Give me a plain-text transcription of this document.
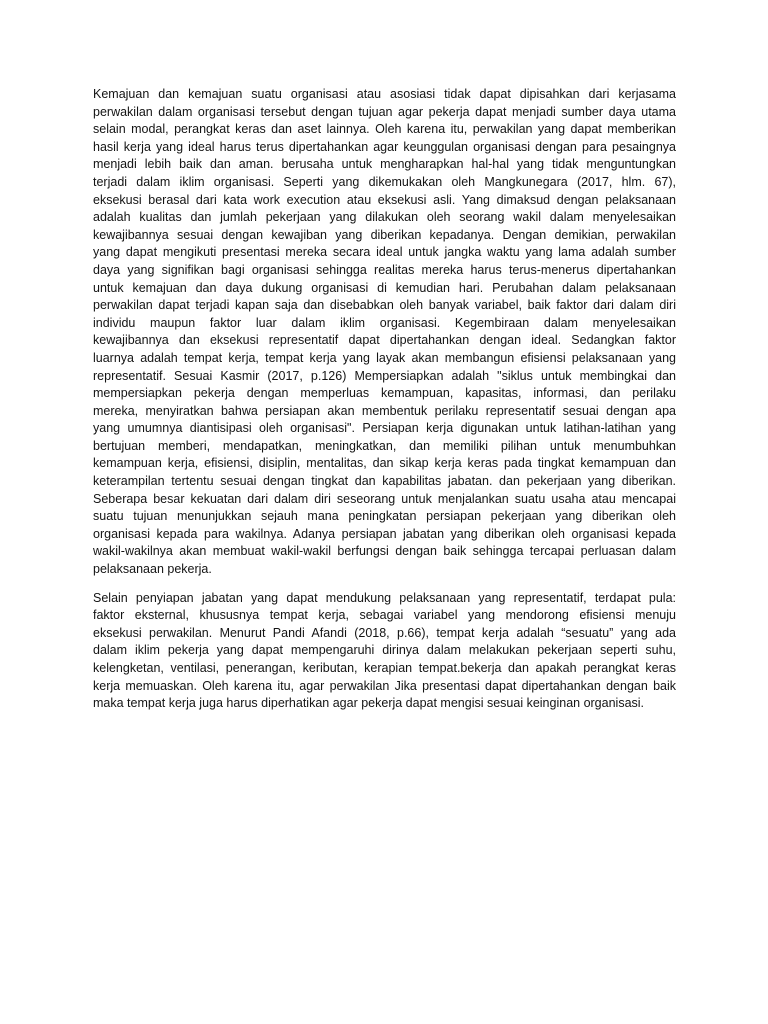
Kemajuan dan kemajuan suatu organisasi atau asosiasi tidak dapat dipisahkan dari kerjasama
perwakilan dalam organisasi tersebut dengan tujuan agar pekerja dapat menjadi sumber daya utama
selain modal, perangkat keras dan aset lainnya. Oleh karena itu, perwakilan yang dapat memberikan
hasil kerja yang ideal harus terus dipertahankan agar keunggulan organisasi dengan para pesaingnya
menjadi lebih baik dan aman. berusaha untuk mengharapkan hal-hal yang tidak menguntungkan
terjadi dalam iklim organisasi. Seperti yang dikemukakan oleh Mangkunegara (2017, hlm. 67),
eksekusi berasal dari kata work execution atau eksekusi asli. Yang dimaksud dengan pelaksanaan
adalah kualitas dan jumlah pekerjaan yang dilakukan oleh seorang wakil dalam menyelesaikan
kewajibannya sesuai dengan kewajiban yang diberikan kepadanya. Dengan demikian, perwakilan
yang dapat mengikuti presentasi mereka secara ideal untuk jangka waktu yang lama adalah sumber
daya yang signifikan bagi organisasi sehingga realitas mereka harus terus-menerus dipertahankan
untuk kemajuan dan daya dukung organisasi di kemudian hari. Perubahan dalam pelaksanaan
perwakilan dapat terjadi kapan saja dan disebabkan oleh banyak variabel, baik faktor dari dalam diri
individu maupun faktor luar dalam iklim organisasi. Kegembiraan dalam menyelesaikan
kewajibannya dan eksekusi representatif dapat dipertahankan dengan ideal. Sedangkan faktor
luarnya adalah tempat kerja, tempat kerja yang layak akan membangun efisiensi pelaksanaan yang
representatif. Sesuai Kasmir (2017, p.126) Mempersiapkan adalah "siklus untuk membingkai dan
mempersiapkan pekerja dengan memperluas kemampuan, kapasitas, informasi, dan perilaku
mereka, menyiratkan bahwa persiapan akan membentuk perilaku representatif sesuai dengan apa
yang umumnya diantisipasi oleh organisasi". Persiapan kerja digunakan untuk latihan-latihan yang
bertujuan memberi, mendapatkan, meningkatkan, dan memiliki pilihan untuk menumbuhkan
kemampuan kerja, efisiensi, disiplin, mentalitas, dan sikap kerja keras pada tingkat kemampuan dan
keterampilan tertentu sesuai dengan tingkat dan kapabilitas jabatan. dan pekerjaan yang diberikan.
Seberapa besar kekuatan dari dalam diri seseorang untuk menjalankan suatu usaha atau mencapai
suatu tujuan menunjukkan sejauh mana peningkatan persiapan pekerjaan yang diberikan oleh
organisasi kepada para wakilnya. Adanya persiapan jabatan yang diberikan oleh organisasi kepada
wakil-wakilnya akan membuat wakil-wakil berfungsi dengan baik sehingga tercapai perluasan dalam
pelaksanaan pekerja.
Selain penyiapan jabatan yang dapat mendukung pelaksanaan yang representatif, terdapat pula:
faktor eksternal, khususnya tempat kerja, sebagai variabel yang mendorong efisiensi menuju
eksekusi perwakilan. Menurut Pandi Afandi (2018, p.66), tempat kerja adalah “sesuatu” yang ada
dalam iklim pekerja yang dapat mempengaruhi dirinya dalam melakukan pekerjaan seperti suhu,
kelengketan, ventilasi, penerangan, keributan, kerapian tempat.bekerja dan apakah perangkat keras
kerja memuaskan. Oleh karena itu, agar perwakilan Jika presentasi dapat dipertahankan dengan baik
maka tempat kerja juga harus diperhatikan agar pekerja dapat mengisi sesuai keinginan organisasi.
